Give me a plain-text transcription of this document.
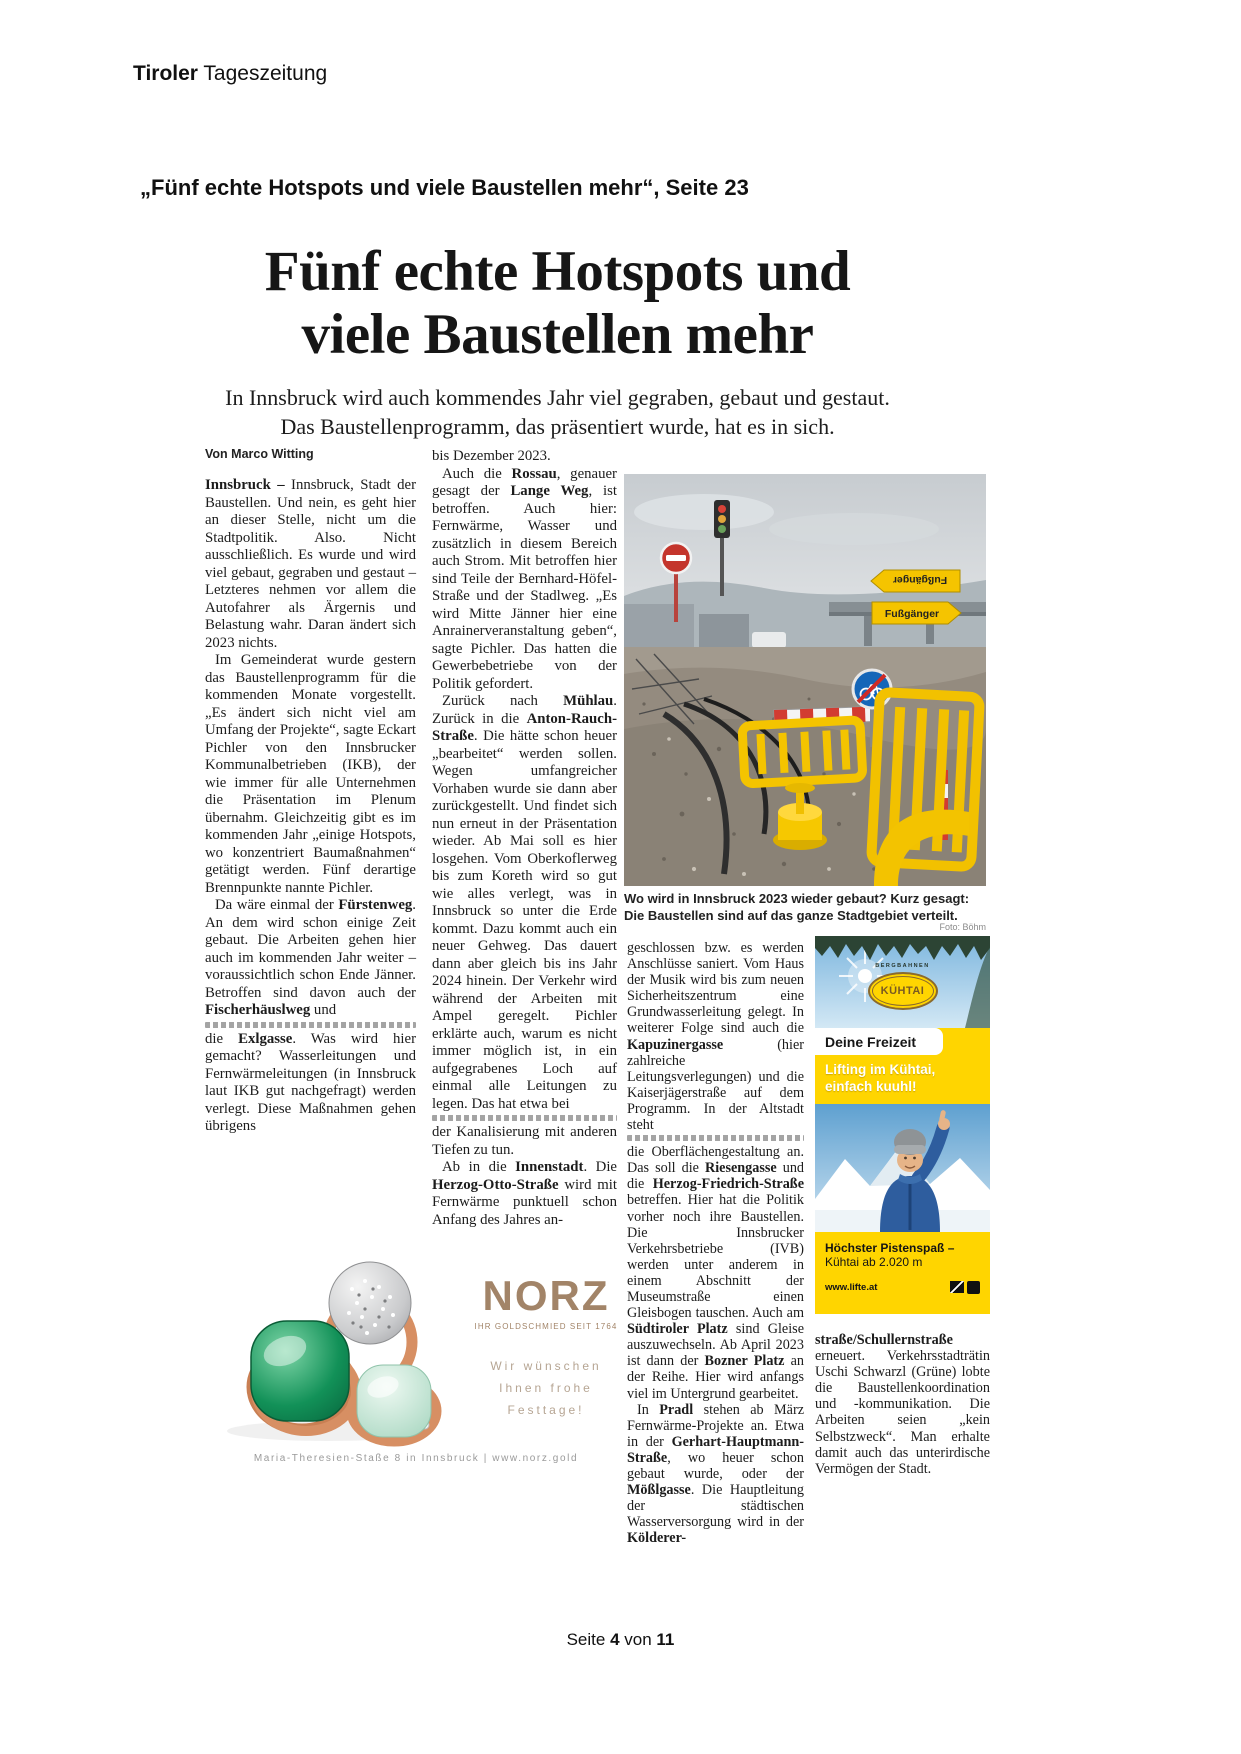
Tiroler Tageszeitung
„Fünf echte Hotspots und viele Baustellen mehr“, Seite 23
Fünf echte Hotspots und
viele Baustellen mehr
In Innsbruck wird auch kommendes Jahr viel gegraben, gebaut und gestaut. Das Baustellenprogramm, das präsentiert wurde, hat es in sich.
Von Marco Witting

Innsbruck – Innsbruck, Stadt der Baustellen. Und nein, es geht hier an dieser Stelle, nicht um die Stadtpolitik. Also. Nicht ausschließlich. Es wurde und wird viel gebaut, gegraben und gestaut – Letzteres nehmen vor allem die Autofahrer als Ärgernis und Belastung wahr. Daran ändert sich 2023 nichts.

Im Gemeinderat wurde gestern das Baustellenprogramm für die kommenden Monate vorgestellt. „Es ändert sich nicht viel am Umfang der Projekte“, sagte Eckart Pichler von den Innsbrucker Kommunalbetrieben (IKB), der wie immer für alle Unternehmen die Präsentation im Plenum übernahm. Gleichzeitig gibt es im kommenden Jahr „einige Hotspots, wo konzentriert Baumaßnahmen“ getätigt werden. Fünf derartige Brennpunkte nannte Pichler.

Da wäre einmal der Fürstenweg. An dem wird schon einige Zeit gebaut. Die Arbeiten gehen hier auch im kommenden Jahr weiter – voraussichtlich schon Ende Jänner. Betroffen sind davon auch der Fischerhäuslweg und

die Exlgasse. Was wird hier gemacht? Wasserleitungen und Fernwärmeleitungen (in Innsbruck laut IKB gut nachgefragt) werden verlegt. Diese Maßnahmen gehen übrigens

bis Dezember 2023.

Auch die Rossau, genauer gesagt der Lange Weg, ist betroffen. Auch hier: Fernwärme, Wasser und zusätzlich in diesem Bereich auch Strom. Mit betroffen hier sind Teile der Bernhard-Höfel-Straße und der Stadlweg. „Es wird Mitte Jänner hier eine Anrainerveranstaltung geben“, sagte Pichler. Das hatten die Gewerbebetriebe von der Politik gefordert.

Zurück nach Mühlau. Zurück in die Anton-Rauch-Straße. Die hätte schon heuer „bearbeitet“ werden sollen. Wegen umfangreicher Vorhaben wurde sie dann aber zurückgestellt. Und findet sich nun erneut in der Präsentation wieder. Ab Mai soll es hier losgehen. Vom Oberkoflerweg bis zum Koreth wird so gut wie alles verlegt, was in Innsbruck so unter die Erde kommt. Dazu kommt auch ein neuer Gehweg. Das dauert dann aber gleich bis ins Jahr 2024 hinein. Der Verkehr wird während der Arbeiten mit Ampel geregelt. Pichler erklärte auch, warum es nicht immer möglich ist, in ein aufgegrabenes Loch auf einmal alle Leitungen zu legen. Das hat etwa bei

der Kanalisierung mit anderen Tiefen zu tun.

Ab in die Innenstadt. Die Herzog-Otto-Straße wird mit Fernwärme punktuell schon Anfang des Jahres an-

Fußgänger
Fußgänger
Wo wird in Innsbruck 2023 wieder gebaut? Kurz gesagt: Die Baustellen sind auf das ganze Stadtgebiet verteilt.
Foto: Böhm

geschlossen bzw. es werden Anschlüsse saniert. Vom Haus der Musik wird bis zum neuen Sicherheitszentrum eine Grundwasserleitung gelegt. In weiterer Folge sind auch die Kapuzinergasse (hier zahlreiche Leitungsverlegungen) und die Kaiserjägerstraße auf dem Programm. In der Altstadt steht

die Oberflächengestaltung an. Das soll die Riesengasse und die Herzog-Friedrich-Straße betreffen. Hier hat die Politik vorher noch ihre Baustellen. Die Innsbrucker Verkehrsbetriebe (IVB) werden unter anderem in einem Abschnitt der Museumstraße einen Gleisbogen tauschen. Auch am Südtiroler Platz sind Gleise auszuwechseln. Ab April 2023 ist dann der Bozner Platz an der Reihe. Hier wird anfangs viel im Untergrund gearbeitet.

In Pradl stehen ab März Fernwärme-Projekte an. Etwa in der Gerhart-Hauptmann-Straße, wo heuer schon gebaut wurde, oder der Mößlgasse. Die Hauptleitung der städtischen Wasserversorgung wird in der Kölderer-

BERGBAHNEN
KÜHTAI
Deine Freizeit
Lifting im Kühtai,
einfach kuuhl!
Höchster Pistenspaß –
Kühtai ab 2.020 m
www.lifte.at

straße/Schullernstraße erneuert. Verkehrsstadträtin Uschi Schwarzl (Grüne) lobte die Baustellenkoordination und -kommunikation. Die Arbeiten seien „kein Selbstzweck“. Man erhalte damit auch das unterirdische Vermögen der Stadt.

NORZ
IHR GOLDSCHMIED SEIT 1764
Wir wünschen
Ihnen frohe
Festtage!
Maria-Theresien-Staße 8 in Innsbruck | www.norz.gold
Seite 4 von 11
